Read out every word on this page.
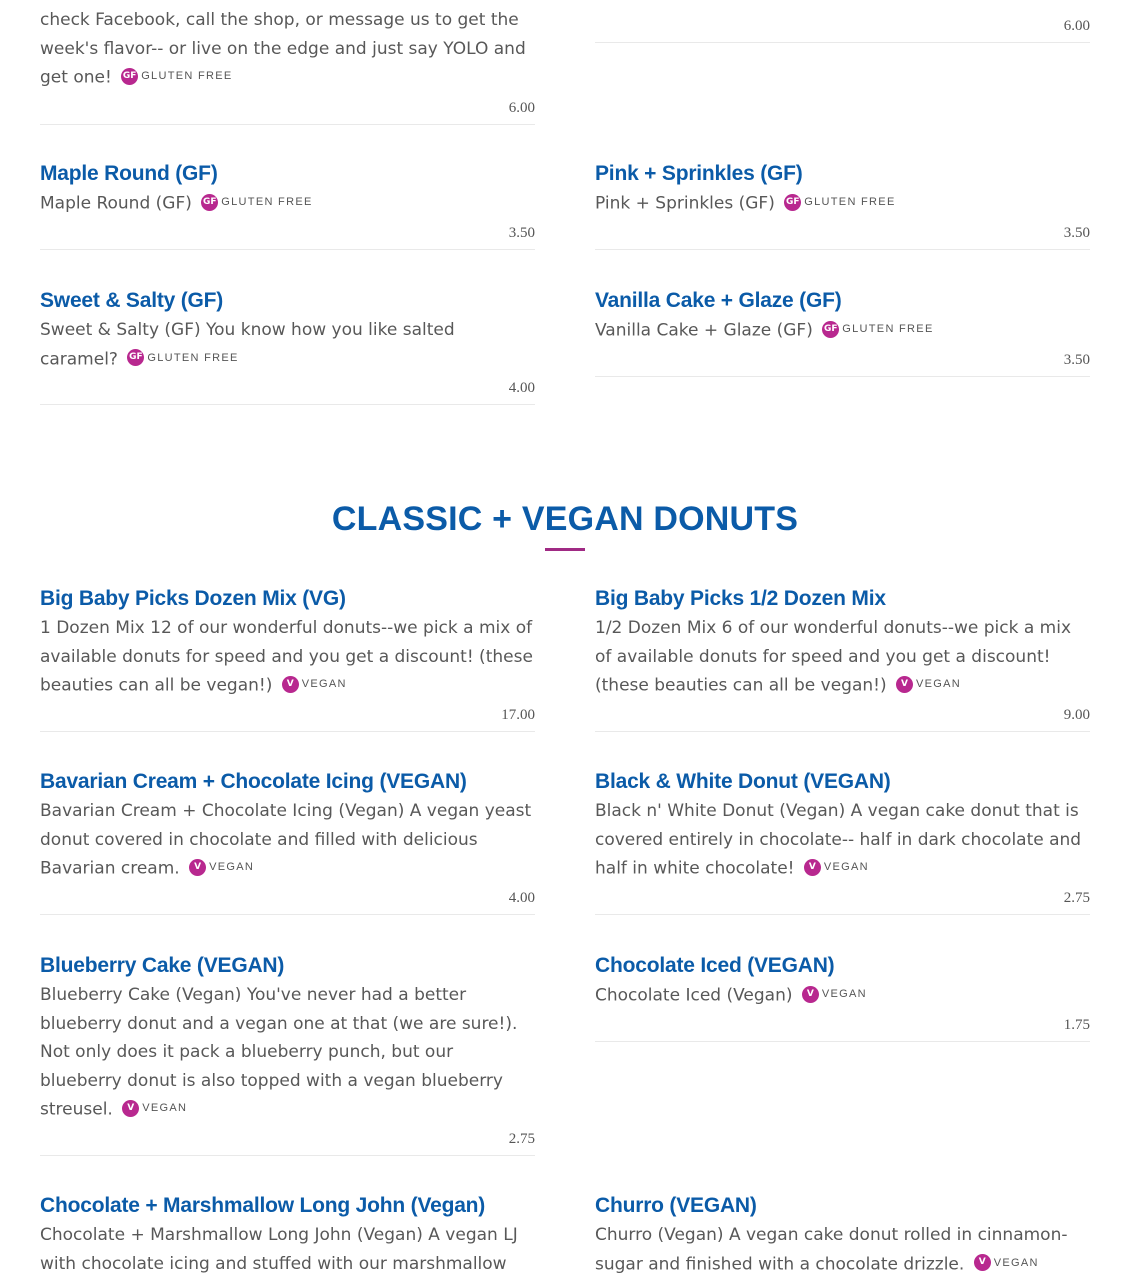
check Facebook, call the shop, or message us to get the week's flavor-- or live on the edge and just say YOLO and get one! GF GLUTEN FREE

6.00
6.00
Maple Round (GF)

Maple Round (GF) GF GLUTEN FREE

3.50
Pink + Sprinkles (GF)

Pink + Sprinkles (GF) GF GLUTEN FREE

3.50
Sweet & Salty (GF)

Sweet & Salty (GF) You know how you like salted caramel? GF GLUTEN FREE

4.00
Vanilla Cake + Glaze (GF)

Vanilla Cake + Glaze (GF) GF GLUTEN FREE

3.50
CLASSIC + VEGAN DONUTS
Big Baby Picks Dozen Mix (VG)

1 Dozen Mix 12 of our wonderful donuts--we pick a mix of available donuts for speed and you get a discount! (these beauties can all be vegan!) V VEGAN

17.00
Big Baby Picks 1/2 Dozen Mix

1/2 Dozen Mix 6 of our wonderful donuts--we pick a mix of available donuts for speed and you get a discount! (these beauties can all be vegan!) V VEGAN

9.00
Bavarian Cream + Chocolate Icing (VEGAN)

Bavarian Cream + Chocolate Icing (Vegan) A vegan yeast donut covered in chocolate and filled with delicious Bavarian cream. V VEGAN

4.00
Black & White Donut (VEGAN)

Black n' White Donut (Vegan) A vegan cake donut that is covered entirely in chocolate-- half in dark chocolate and half in white chocolate! V VEGAN

2.75
Blueberry Cake (VEGAN)

Blueberry Cake (Vegan) You've never had a better blueberry donut and a vegan one at that (we are sure!). Not only does it pack a blueberry punch, but our blueberry donut is also topped with a vegan blueberry streusel. V VEGAN

2.75
Chocolate Iced (VEGAN)

Chocolate Iced (Vegan) V VEGAN

1.75
Chocolate + Marshmallow Long John (Vegan)

Chocolate + Marshmallow Long John (Vegan) A vegan LJ with chocolate icing and stuffed with our marshmallow

Churro (VEGAN)

Churro (Vegan) A vegan cake donut rolled in cinnamon-sugar and finished with a chocolate drizzle. V VEGAN
